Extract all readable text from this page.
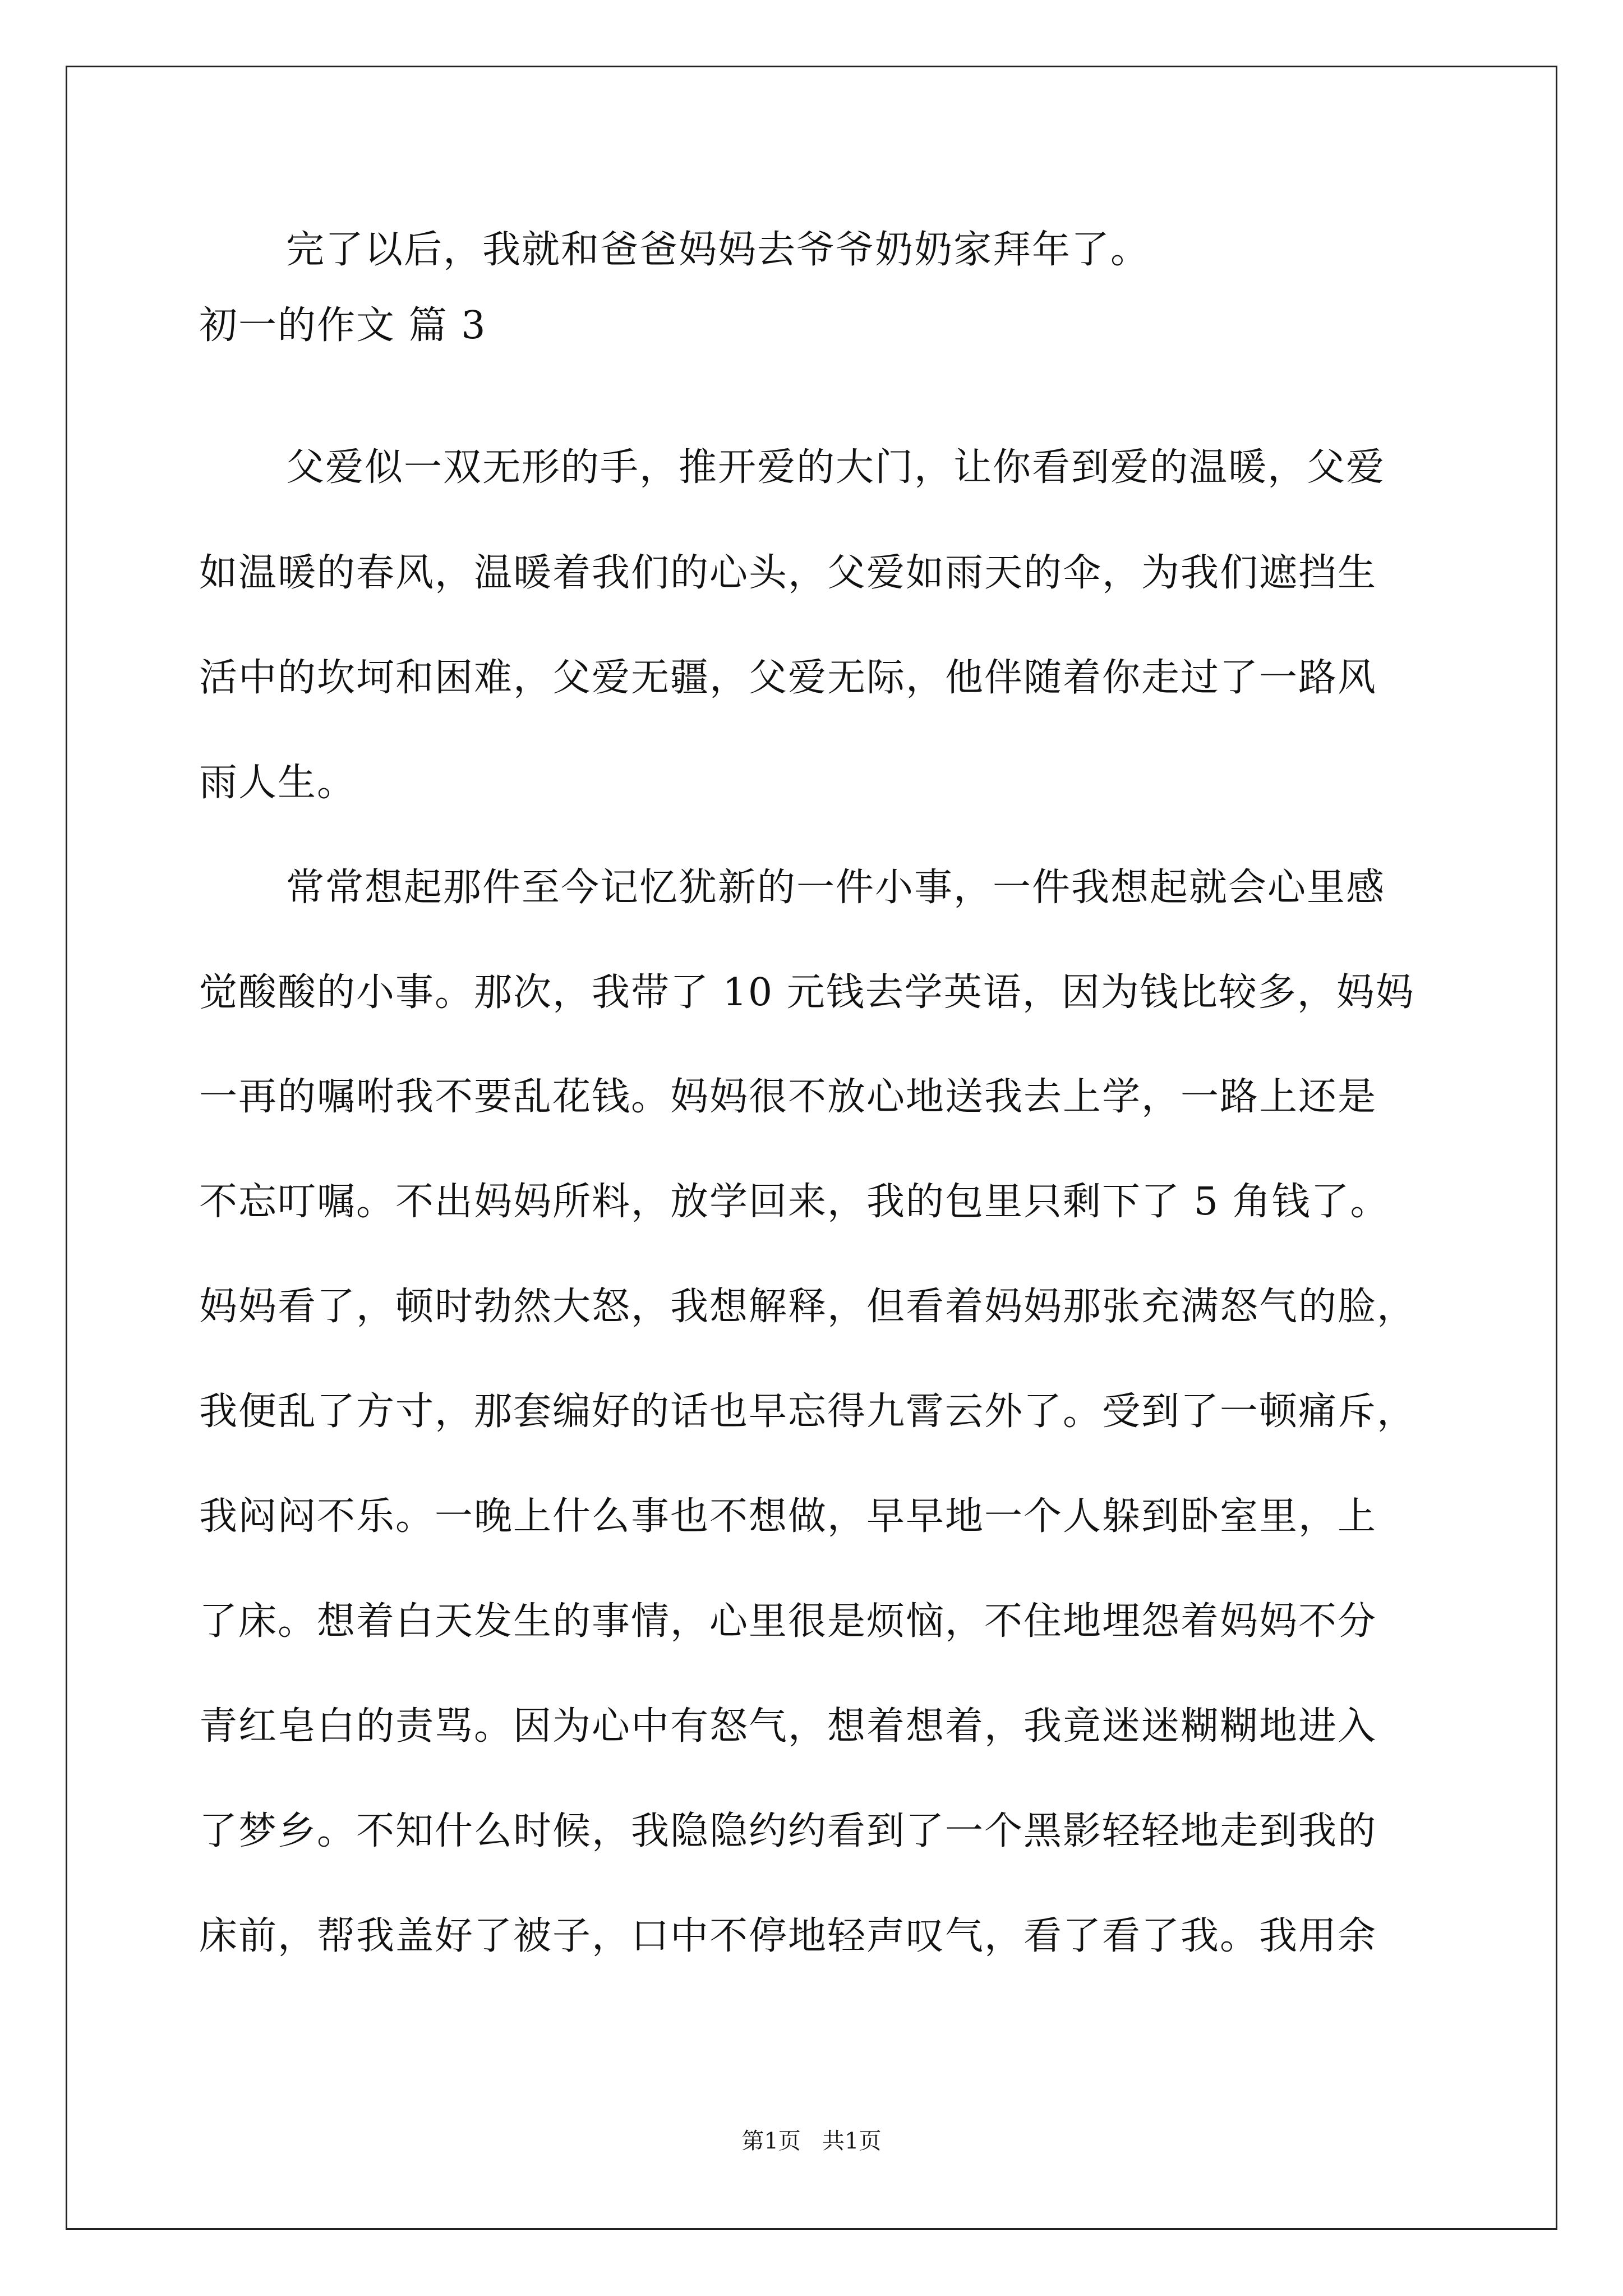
完了以后，我就和爸爸妈妈去爷爷奶奶家拜年了。
初一的作文 篇 3
父爱似一双无形的手，推开爱的大门，让你看到爱的温暖，父爱
如温暖的春风，温暖着我们的心头，父爱如雨天的伞，为我们遮挡生
活中的坎坷和困难，父爱无疆，父爱无际，他伴随着你走过了一路风
雨人生。
常常想起那件至今记忆犹新的一件小事，一件我想起就会心里感
觉酸酸的小事。那次，我带了 10 元钱去学英语，因为钱比较多，妈妈
一再的嘱咐我不要乱花钱。妈妈很不放心地送我去上学，一路上还是
不忘叮嘱。不出妈妈所料，放学回来，我的包里只剩下了 5 角钱了。
妈妈看了，顿时勃然大怒，我想解释，但看着妈妈那张充满怒气的脸，
我便乱了方寸，那套编好的话也早忘得九霄云外了。受到了一顿痛斥，
我闷闷不乐。一晚上什么事也不想做，早早地一个人躲到卧室里，上
了床。想着白天发生的事情，心里很是烦恼，不住地埋怨着妈妈不分
青红皂白的责骂。因为心中有怒气，想着想着，我竟迷迷糊糊地进入
了梦乡。不知什么时候，我隐隐约约看到了一个黑影轻轻地走到我的
床前，帮我盖好了被子，口中不停地轻声叹气，看了看了我。我用余
第1页   共1页
